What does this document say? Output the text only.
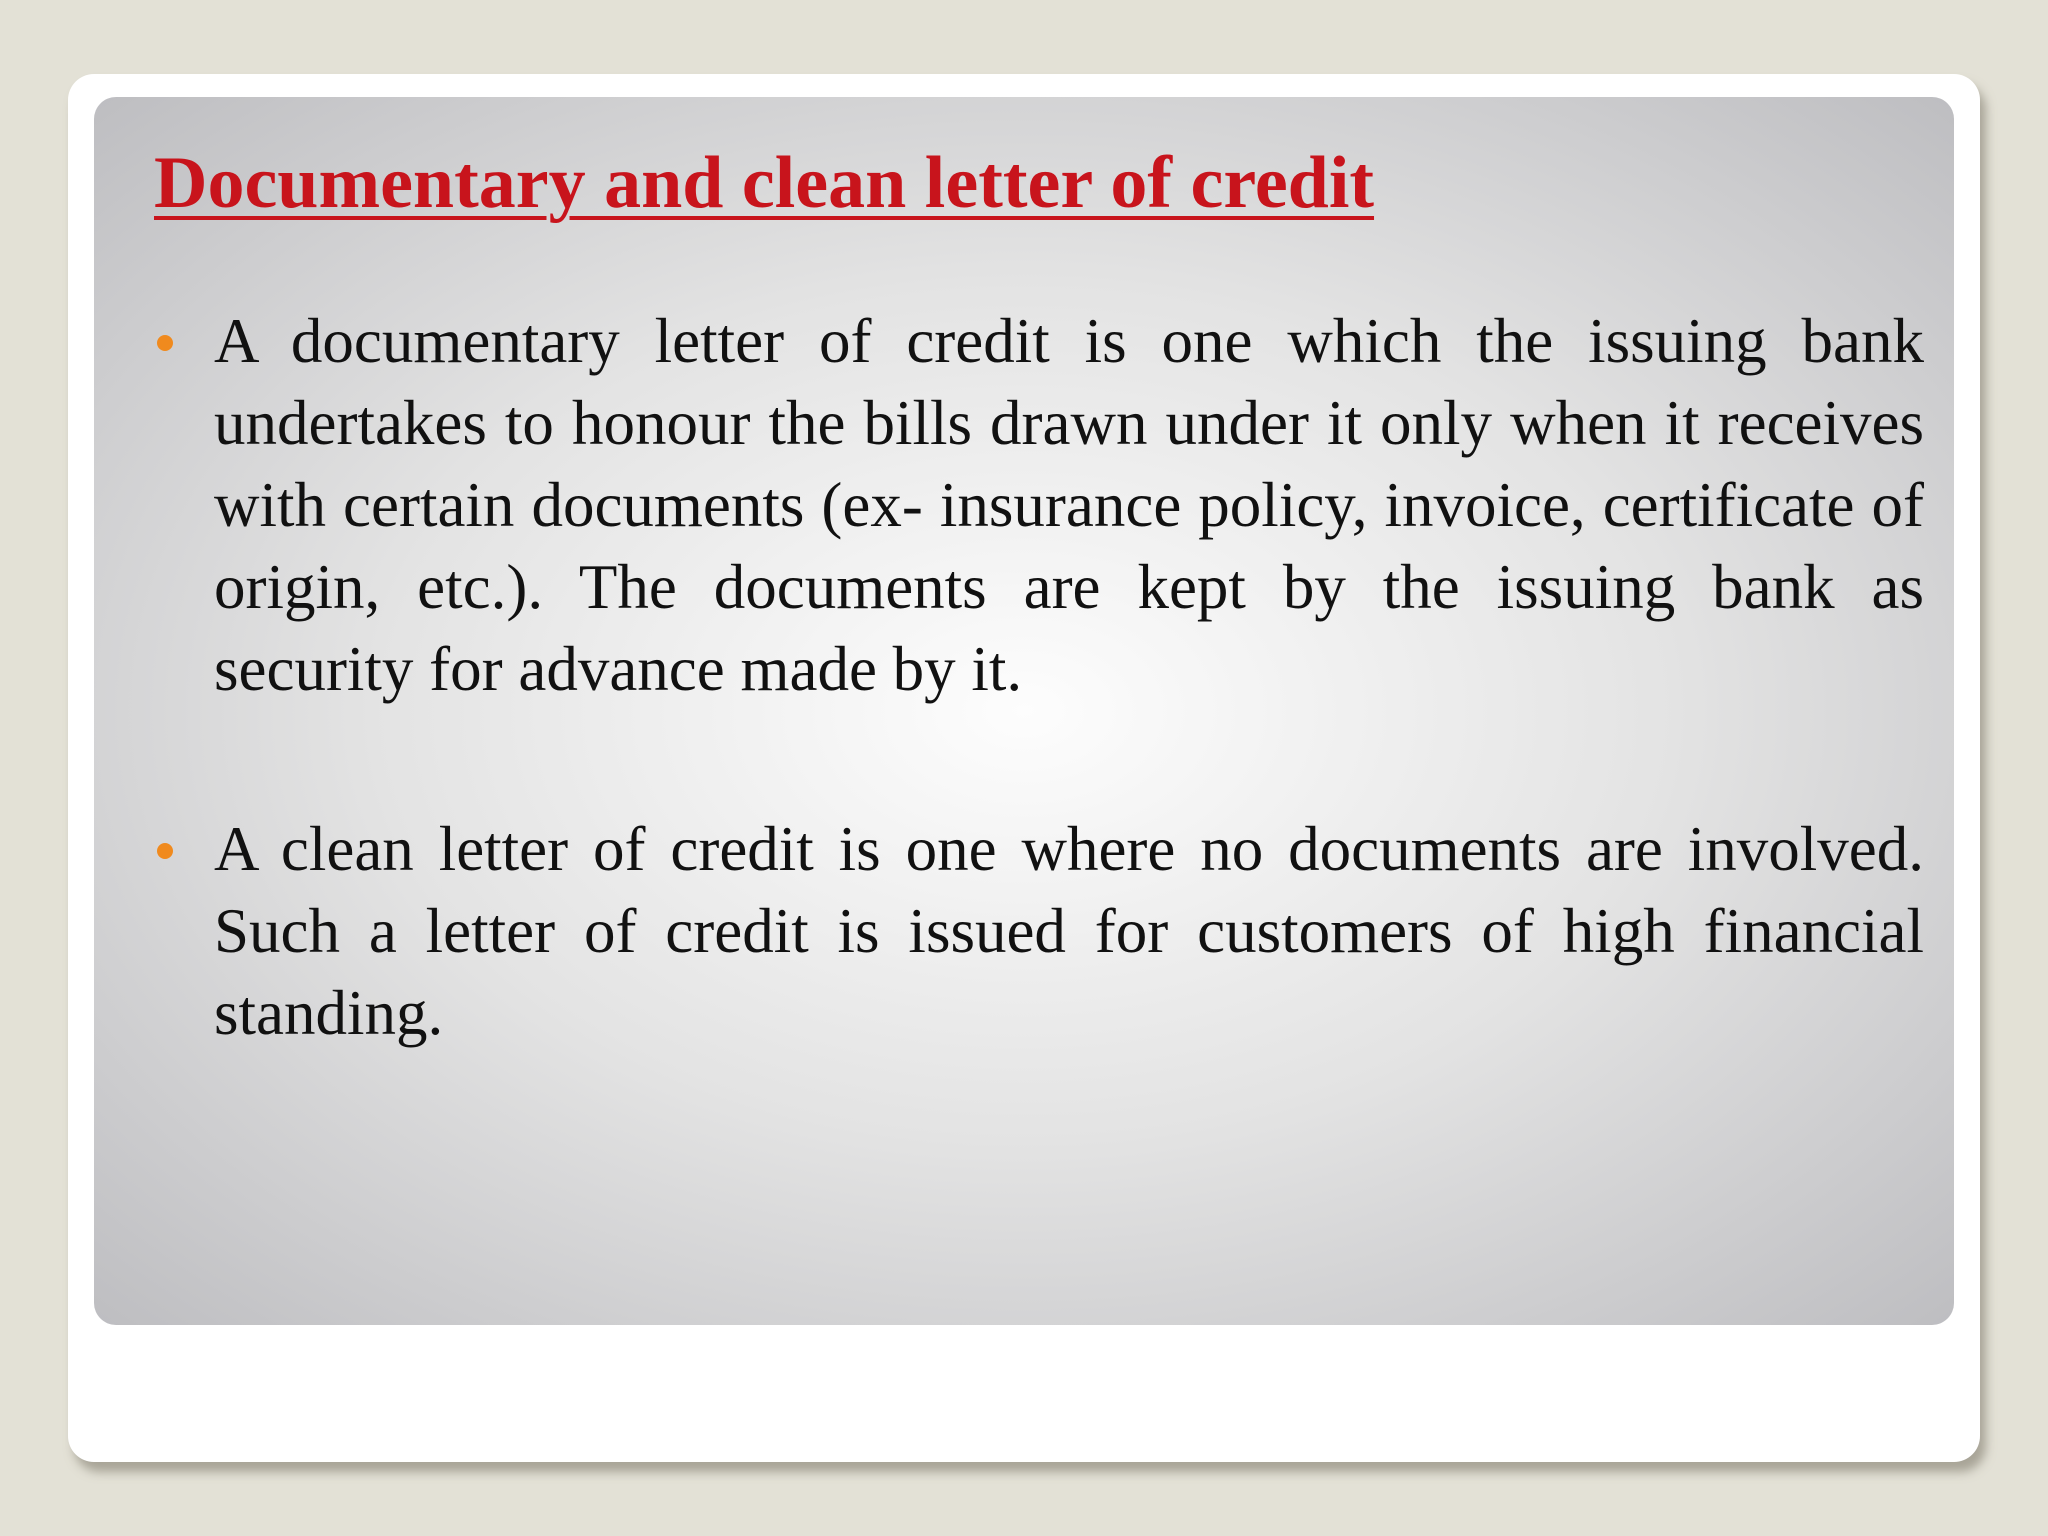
Documentary and clean letter of credit
A documentary letter of credit is one which the issuing bank undertakes to honour the bills drawn under it only when it receives with certain documents (ex- insurance policy, invoice, certificate of origin, etc.). The documents are kept by the issuing bank as security for advance made by it.
A clean letter of credit is one where no documents are involved. Such a letter of credit is issued for customers of high financial standing.
